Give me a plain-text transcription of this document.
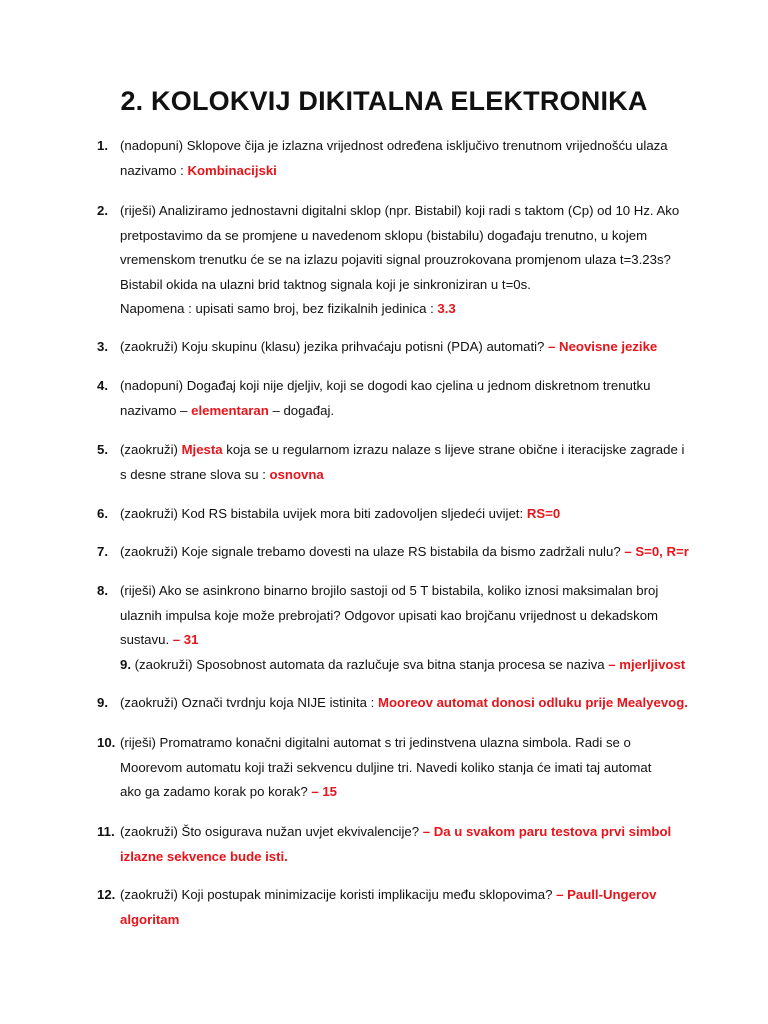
2. KOLOKVIJ DIKITALNA ELEKTRONIKA
1. (nadopuni) Sklopove čija je izlazna vrijednost određena isključivo trenutnom vrijednošću ulaza
nazivamo : Kombinacijski
2. (riješi) Analiziramo jednostavni digitalni sklop (npr. Bistabil) koji radi s taktom (Cp) od 10 Hz. Ako
pretpostavimo da se promjene u navedenom sklopu (bistabilu) događaju trenutno, u kojem
vremenskom trenutku će se na izlazu pojaviti signal prouzrokovana promjenom ulaza t=3.23s?
Bistabil okida na ulazni brid taktnog signala koji je sinkroniziran u t=0s.
Napomena : upisati samo broj, bez fizikalnih jedinica : 3.3
3. (zaokruži) Koju skupinu (klasu) jezika prihvaćaju potisni (PDA) automati? – Neovisne jezike
4. (nadopuni) Događaj koji nije djeljiv, koji se dogodi kao cjelina u jednom diskretnom trenutku
nazivamo – elementaran – događaj.
5. (zaokruži) Mjesta koja se u regularnom izrazu nalaze s lijeve strane obične i iteracijske zagrade i
s desne strane slova su : osnovna
6. (zaokruži) Kod RS bistabila uvijek mora biti zadovoljen sljedeći uvijet: RS=0
7. (zaokruži) Koje signale trebamo dovesti na ulaze RS bistabila da bismo zadržali nulu? – S=0, R=r
8. (riješi) Ako se asinkrono binarno brojilo sastoji od 5 T bistabila, koliko iznosi maksimalan broj
ulaznih impulsa koje može prebrojati? Odgovor upisati kao brojčanu vrijednost u dekadskom
sustavu. – 31
9. (zaokruži) Sposobnost automata da razlučuje sva bitna stanja procesa se naziva – mjerljivost
9. (zaokruži) Označi tvrdnju koja NIJE istinita : Mooreov automat donosi odluku prije Mealyevog.
10. (riješi) Promatramo konačni digitalni automat s tri jedinstvena ulazna simbola. Radi se o
Moorevom automatu koji traži sekvencu duljine tri. Navedi koliko stanja će imati taj automat
ako ga zadamo korak po korak? – 15
11. (zaokruži) Što osigurava nužan uvjet ekvivalencije? – Da u svakom paru testova prvi simbol
izlazne sekvence bude isti.
12. (zaokruži) Koji postupak minimizacije koristi implikaciju među sklopovima? – Paull-Ungerov
algoritam
